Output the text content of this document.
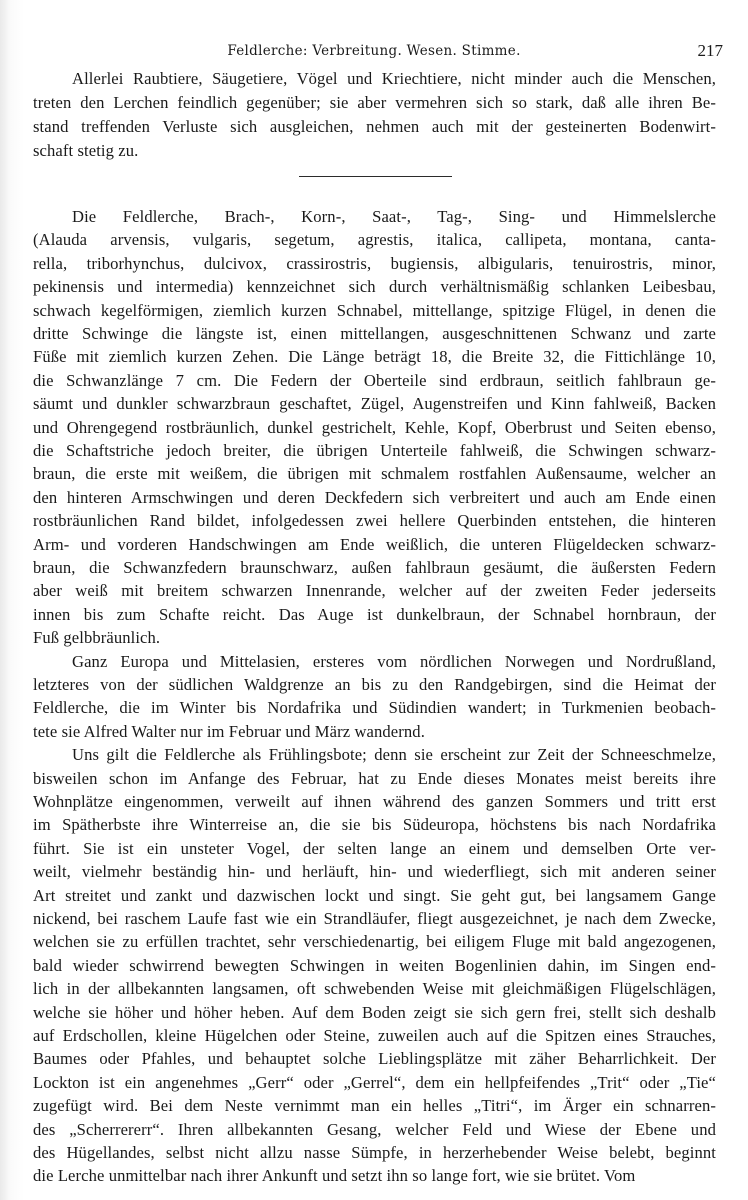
Feldlerche: Verbreitung. Wesen. Stimme.	217
Allerlei Raubtiere, Säugetiere, Vögel und Kriechtiere, nicht minder auch die Menschen,
treten den Lerchen feindlich gegenüber; sie aber vermehren sich so stark, daß alle ihren Be-
stand treffenden Verluste sich ausgleichen, nehmen auch mit der gesteinerten Bodenwirt-
schaft stetig zu.
Die Feldlerche, Brach-, Korn-, Saat-, Tag-, Sing- und Himmelslerche
(Alauda arvensis, vulgaris, segetum, agrestis, italica, callipeta, montana, canta-
rella, triborhynchus, dulcivox, crassirostris, bugiensis, albigularis, tenuirostris, minor,
pekinensis und intermedia) kennzeichnet sich durch verhältnismäßig schlanken Leibesbau,
schwach kegelförmigen, ziemlich kurzen Schnabel, mittellange, spitzige Flügel, in denen die
dritte Schwinge die längste ist, einen mittellangen, ausgeschnittenen Schwanz und zarte
Füße mit ziemlich kurzen Zehen. Die Länge beträgt 18, die Breite 32, die Fittichlänge 10,
die Schwanzlänge 7 cm. Die Federn der Oberteile sind erdbraun, seitlich fahlbraun ge-
säumt und dunkler schwarzbraun geschaftet, Zügel, Augenstreifen und Kinn fahlweiß, Backen
und Ohrengegend rostbräunlich, dunkel gestrichelt, Kehle, Kopf, Oberbrust und Seiten ebenso,
die Schaftstriche jedoch breiter, die übrigen Unterteile fahlweiß, die Schwingen schwarz-
braun, die erste mit weißem, die übrigen mit schmalem rostfahlen Außensaume, welcher an
den hinteren Armschwingen und deren Deckfedern sich verbreitert und auch am Ende einen
rostbräunlichen Rand bildet, infolgedessen zwei hellere Querbinden entstehen, die hinteren
Arm- und vorderen Handschwingen am Ende weißlich, die unteren Flügeldecken schwarz-
braun, die Schwanzfedern braunschwarz, außen fahlbraun gesäumt, die äußersten Federn
aber weiß mit breitem schwarzen Innenrande, welcher auf der zweiten Feder jederseits
innen bis zum Schafte reicht. Das Auge ist dunkelbraun, der Schnabel hornbraun, der
Fuß gelbbräunlich.
Ganz Europa und Mittelasien, ersteres vom nördlichen Norwegen und Nordrußland,
letzteres von der südlichen Waldgrenze an bis zu den Randgebirgen, sind die Heimat der
Feldlerche, die im Winter bis Nordafrika und Südindien wandert; in Turkmenien beobach-
tete sie Alfred Walter nur im Februar und März wandernd.
Uns gilt die Feldlerche als Frühlingsbote; denn sie erscheint zur Zeit der Schneeschmelze,
bisweilen schon im Anfange des Februar, hat zu Ende dieses Monates meist bereits ihre
Wohnplätze eingenommen, verweilt auf ihnen während des ganzen Sommers und tritt erst
im Spätherbste ihre Winterreise an, die sie bis Südeuropa, höchstens bis nach Nordafrika
führt. Sie ist ein unsteter Vogel, der selten lange an einem und demselben Orte ver-
weilt, vielmehr beständig hin- und herläuft, hin- und wiederfliegt, sich mit anderen seiner
Art streitet und zankt und dazwischen lockt und singt. Sie geht gut, bei langsamem Gange
nickend, bei raschem Laufe fast wie ein Strandläufer, fliegt ausgezeichnet, je nach dem Zwecke,
welchen sie zu erfüllen trachtet, sehr verschiedenartig, bei eiligem Fluge mit bald angezogenen,
bald wieder schwirrend bewegten Schwingen in weiten Bogenlinien dahin, im Singen end-
lich in der allbekannten langsamen, oft schwebenden Weise mit gleichmäßigen Flügelschlägen,
welche sie höher und höher heben. Auf dem Boden zeigt sie sich gern frei, stellt sich deshalb
auf Erdschollen, kleine Hügelchen oder Steine, zuweilen auch auf die Spitzen eines Strauches,
Baumes oder Pfahles, und behauptet solche Lieblingsplätze mit zäher Beharrlichkeit. Der
Lockton ist ein angenehmes „Gerr“ oder „Gerrel“, dem ein hellpfeifendes „Trit“ oder „Tie“
zugefügt wird. Bei dem Neste vernimmt man ein helles „Titri“, im Ärger ein schnarren-
des „Scherrererr“. Ihren allbekannten Gesang, welcher Feld und Wiese der Ebene und
des Hügellandes, selbst nicht allzu nasse Sümpfe, in herzerhebender Weise belebt, beginnt
die Lerche unmittelbar nach ihrer Ankunft und setzt ihn so lange fort, wie sie brütet. Vom
